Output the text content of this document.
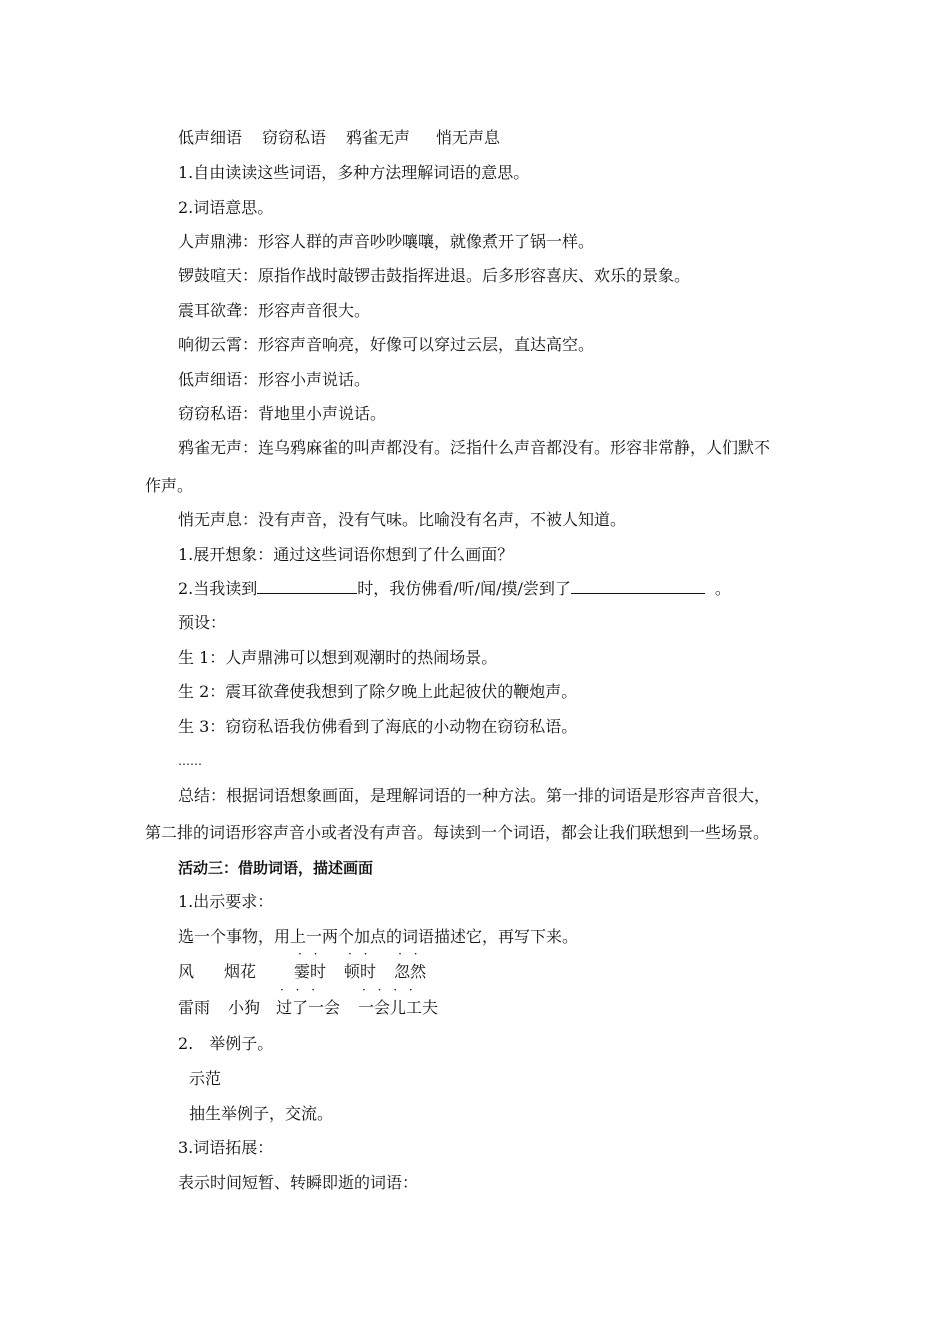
低声细语 窃窃私语 鸦雀无声 悄无声息
1.自由读读这些词语，多种方法理解词语的意思。
2.词语意思。
人声鼎沸：形容人群的声音吵吵嚷嚷，就像煮开了锅一样。
锣鼓喧天：原指作战时敲锣击鼓指挥进退。后多形容喜庆、欢乐的景象。
震耳欲聋：形容声音很大。
响彻云霄：形容声音响亮，好像可以穿过云层，直达高空。
低声细语：形容小声说话。
窃窃私语：背地里小声说话。
鸦雀无声：连乌鸦麻雀的叫声都没有。泛指什么声音都没有。形容非常静，人们默不
作声。
悄无声息：没有声音，没有气味。比喻没有名声，不被人知道。
1.展开想象：通过这些词语你想到了什么画面？
2.当我读到	时，我仿佛看/听/闻/摸/尝到了	。
预设：
生 1：人声鼎沸可以想到观潮时的热闹场景。
生 2：震耳欲聋使我想到了除夕晚上此起彼伏的鞭炮声。
生 3：窃窃私语我仿佛看到了海底的小动物在窃窃私语。
……
总结：根据词语想象画面，是理解词语的一种方法。第一排的词语是形容声音很大，
第二排的词语形容声音小或者没有声音。每读到一个词语，都会让我们联想到一些场景。
活动三：借助词语，描述画面
1.出示要求：
选一个事物，用上一两个加点的词语描述它，再写下来。
风 烟花 · · 霎时 · · 顿时 · · 忽然
雷雨 小狗 · · · 过了一会 · · · · 一会儿工夫
2.　举例子。
示范
抽生举例子，交流。
3.词语拓展：
表示时间短暂、转瞬即逝的词语：
